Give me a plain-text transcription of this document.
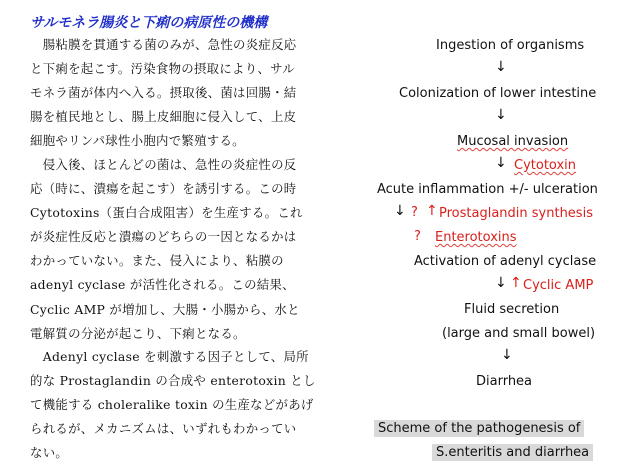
サルモネラ腸炎と下痢の病原性の機構

　腸粘膜を貫通する菌のみが、急性の炎症反応
と下痢を起こす。汚染食物の摂取により、サル
モネラ菌が体内へ入る。摂取後、菌は回腸・結
腸を植民地とし、腸上皮細胞に侵入して、上皮
細胞やリンパ球性小胞内で繁殖する。

　侵入後、ほとんどの菌は、急性の炎症性の反
応（時に、潰瘍を起こす）を誘引する。この時
Cytotoxins（蛋白合成阻害）を生産する。これ
が炎症性反応と潰瘍のどちらの一因となるかは
わかっていない。また、侵入により、粘膜の
adenyl cyclase が活性化される。この結果、
Cyclic AMP が増加し、大腸・小腸から、水と
電解質の分泌が起こり、下痢となる。

　Adenyl cyclase を刺激する因子として、局所
的な Prostaglandin の合成や enterotoxin とし
て機能する choleralike toxin の生産などがあげ
られるが、メカニズムは、いずれもわかってい
ない。

Ingestion of organisms
↓
Colonization of lower intestine
↓
Mucosal invasion
↓ Cytotoxin
Acute inflammation +/- ulceration
↓ ? ↑ Prostaglandin synthesis
? Enterotoxins
Activation of adenyl cyclase
↓ ↑ Cyclic AMP
Fluid secretion
(large and small bowel)
↓
Diarrhea
Scheme of the pathogenesis of
S.enteritis and diarrhea
